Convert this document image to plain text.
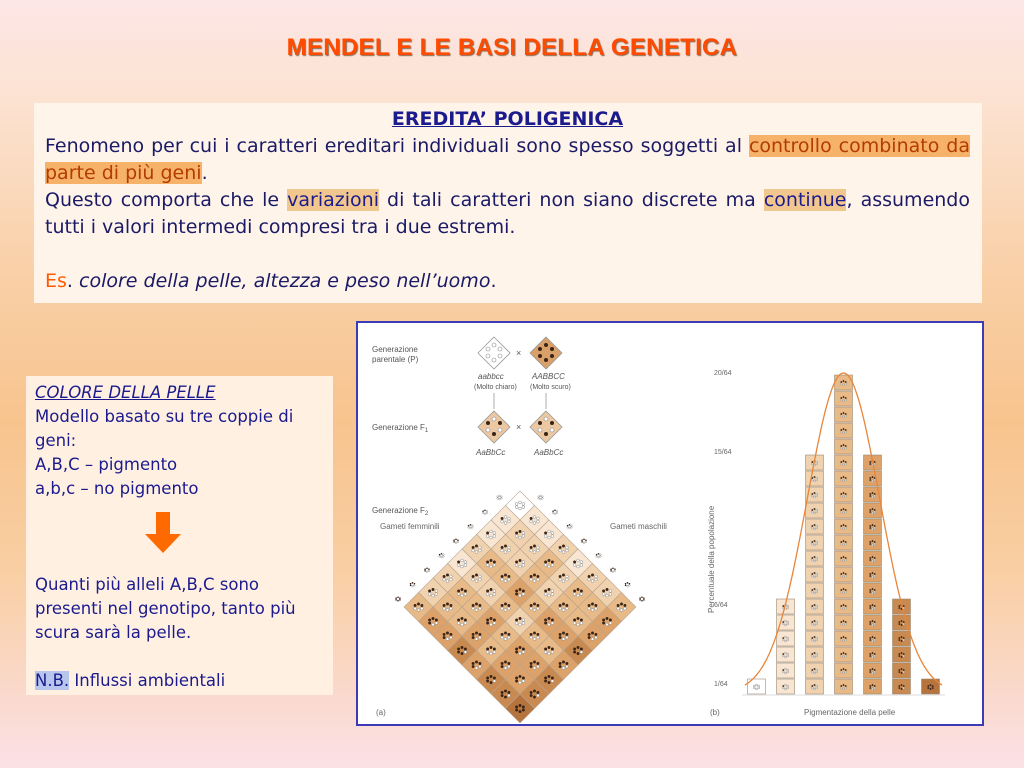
MENDEL E LE BASI DELLA GENETICA
EREDITA’ POLIGENICA
Fenomeno per cui i caratteri ereditari individuali sono spesso soggetti al controllo combinato da parte di più geni.
Questo comporta che le variazioni di tali caratteri non siano discrete ma continue, assumendo tutti i valori intermedi compresi tra i due estremi.
Es. colore della pelle, altezza e peso nell’uomo.
COLORE DELLA PELLE
Modello basato su tre coppie di geni:
A,B,C – pigmento
a,b,c – no pigmento
Quanti più alleli A,B,C sono presenti nel genotipo, tanto più scura sarà la pelle.
N.B. Influssi ambientali
Generazione
parentale (P)
Generazione $F_1$
Generazione $F_2$
×
aabbcc
(Molto chiaro)
AABBCC
(Molto scuro)
×
AaBbCc	AaBbCc
Gameti femminili	Gameti maschili
(a)	(b)	Pigmentazione della pelle
Percentuale della popolazione
20/64
15/64
6/64
1/64
